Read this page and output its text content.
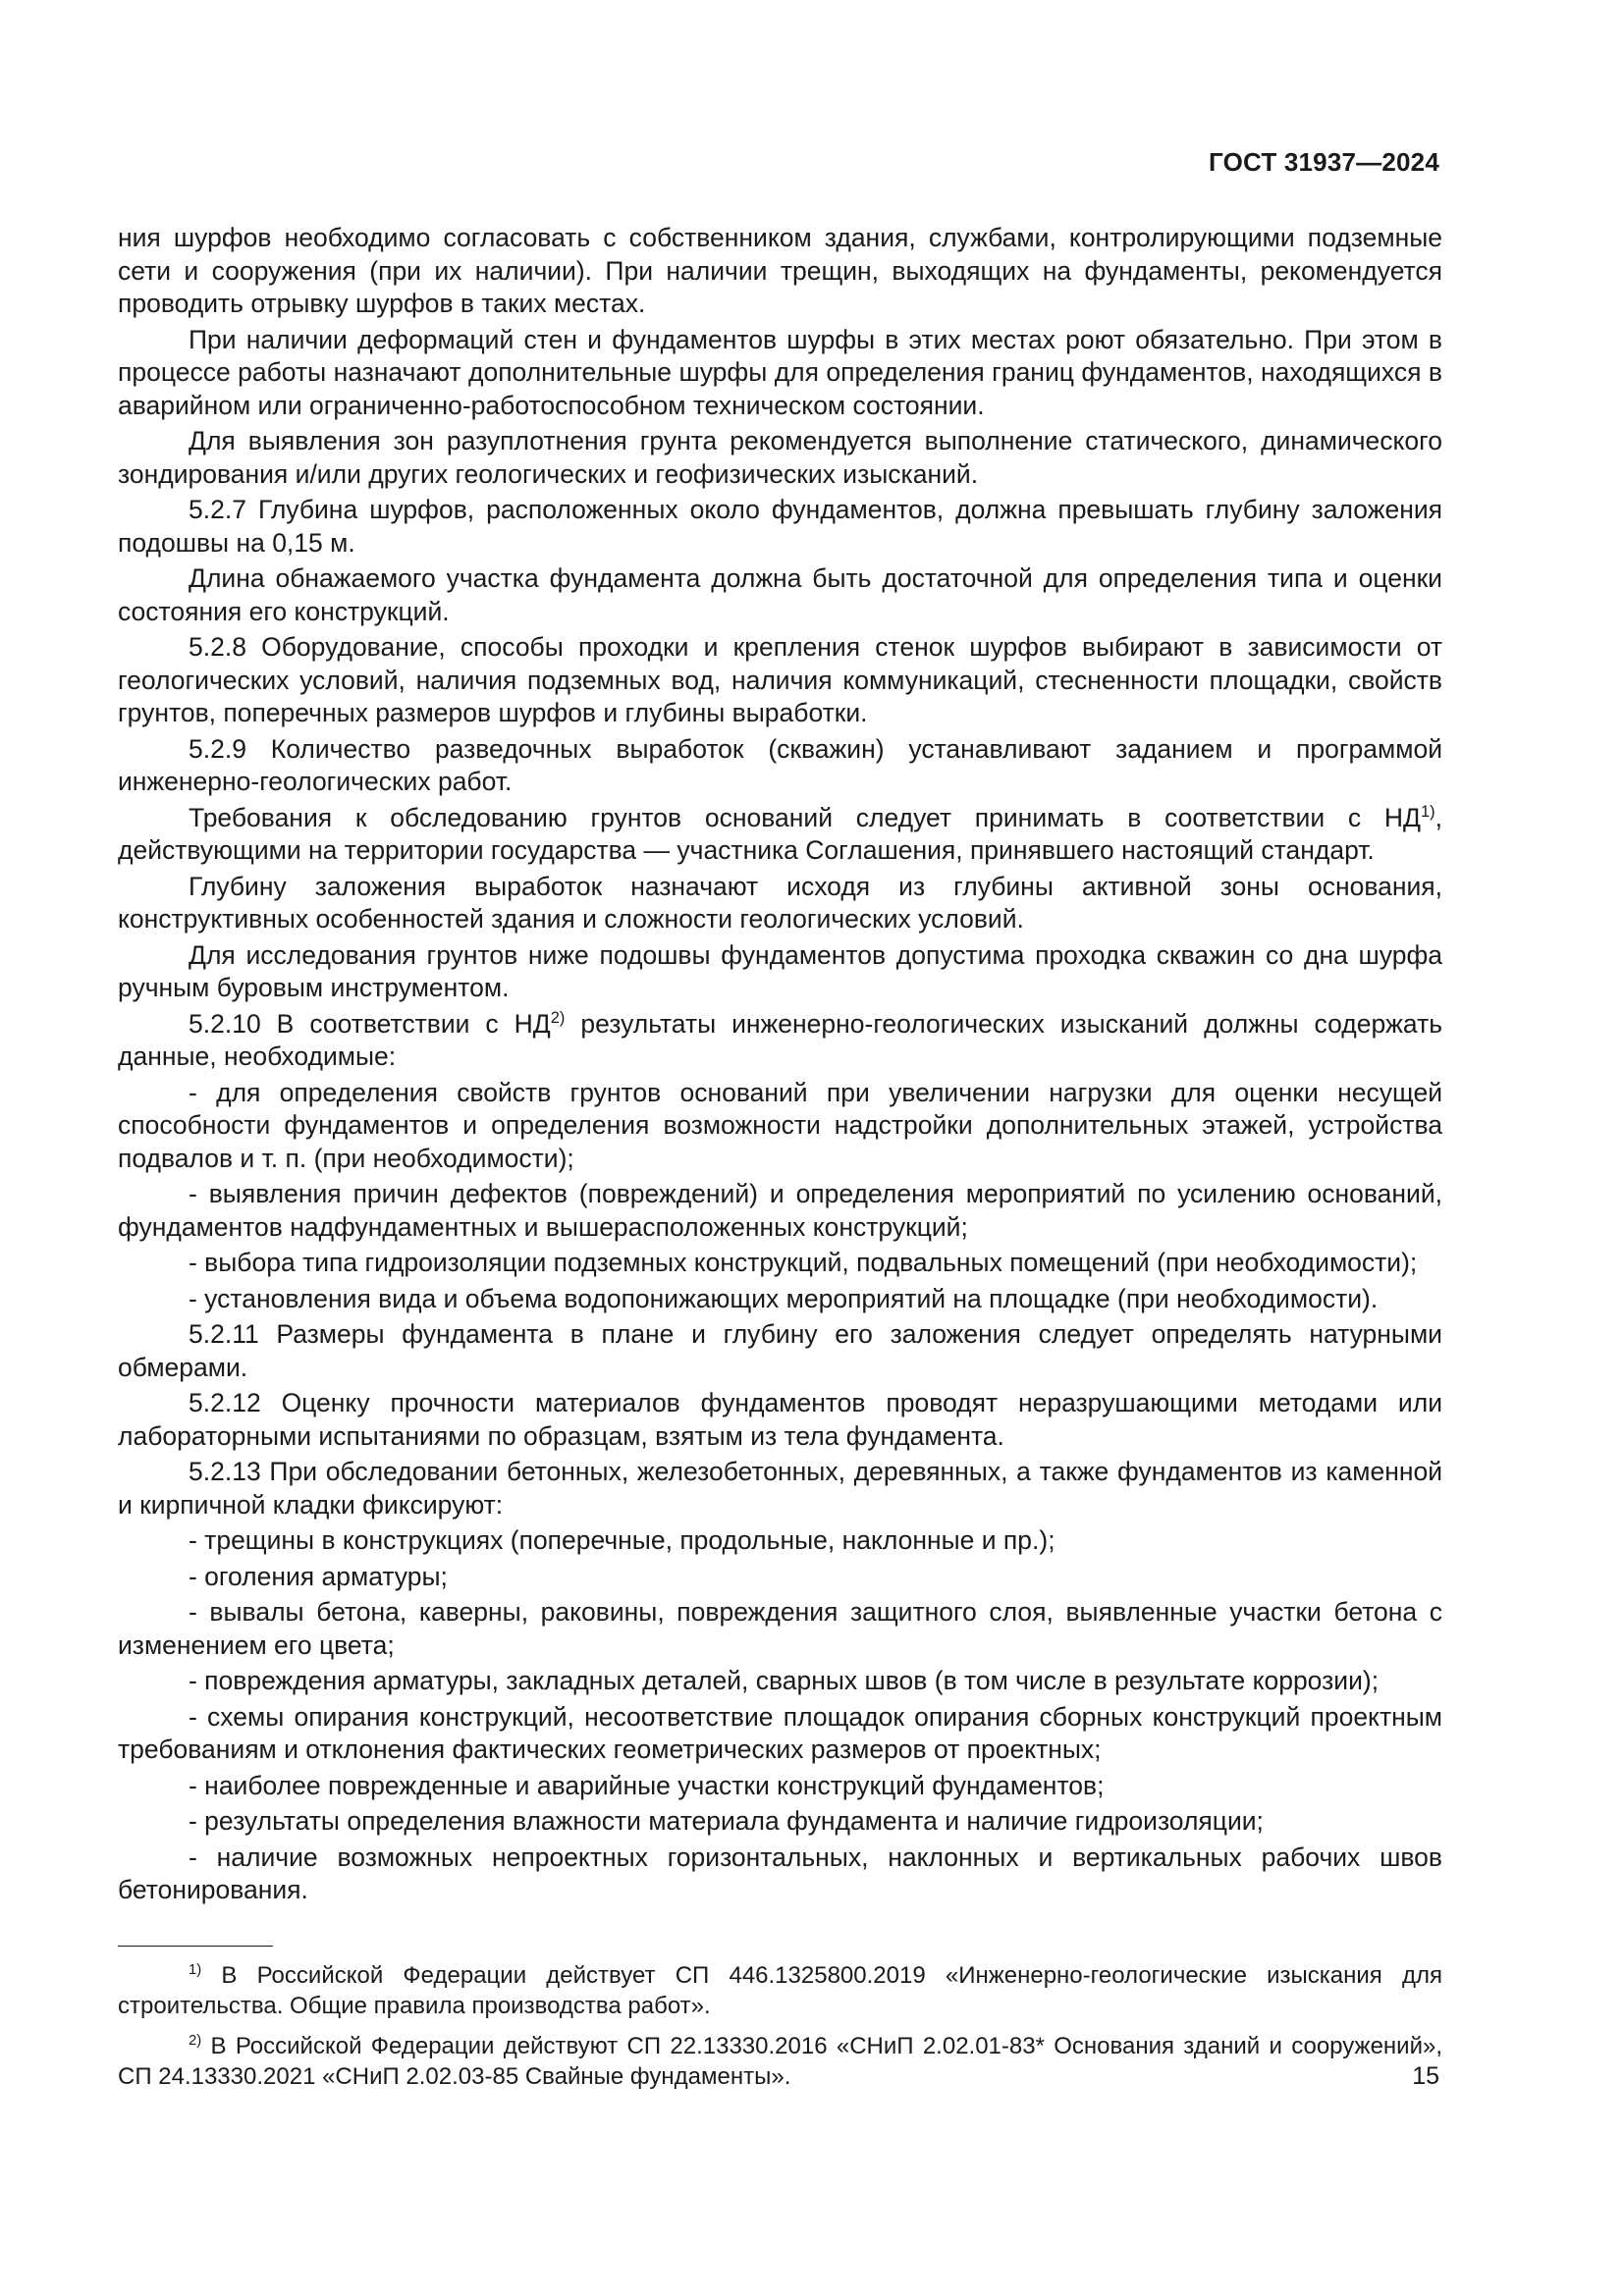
ГОСТ 31937—2024

ния шурфов необходимо согласовать с собственником здания, службами, контролирующими подземные сети и сооружения (при их наличии). При наличии трещин, выходящих на фундаменты, рекомендуется проводить отрывку шурфов в таких местах.

При наличии деформаций стен и фундаментов шурфы в этих местах роют обязательно. При этом в процессе работы назначают дополнительные шурфы для определения границ фундаментов, находящихся в аварийном или ограниченно-работоспособном техническом состоянии.

Для выявления зон разуплотнения грунта рекомендуется выполнение статического, динамического зондирования и/или других геологических и геофизических изысканий.

5.2.7 Глубина шурфов, расположенных около фундаментов, должна превышать глубину заложения подошвы на 0,15 м.

Длина обнажаемого участка фундамента должна быть достаточной для определения типа и оценки состояния его конструкций.

5.2.8 Оборудование, способы проходки и крепления стенок шурфов выбирают в зависимости от геологических условий, наличия подземных вод, наличия коммуникаций, стесненности площадки, свойств грунтов, поперечных размеров шурфов и глубины выработки.

5.2.9 Количество разведочных выработок (скважин) устанавливают заданием и программой инженерно-геологических работ.

Требования к обследованию грунтов оснований следует принимать в соответствии с НД$^{1)}$, действующими на территории государства — участника Соглашения, принявшего настоящий стандарт.

Глубину заложения выработок назначают исходя из глубины активной зоны основания, конструктивных особенностей здания и сложности геологических условий.

Для исследования грунтов ниже подошвы фундаментов допустима проходка скважин со дна шурфа ручным буровым инструментом.

5.2.10 В соответствии с НД$^{2)}$ результаты инженерно-геологических изысканий должны содержать данные, необходимые:

- для определения свойств грунтов оснований при увеличении нагрузки для оценки несущей способности фундаментов и определения возможности надстройки дополнительных этажей, устройства подвалов и т. п. (при необходимости);

- выявления причин дефектов (повреждений) и определения мероприятий по усилению оснований, фундаментов надфундаментных и вышерасположенных конструкций;

- выбора типа гидроизоляции подземных конструкций, подвальных помещений (при необходимости);

- установления вида и объема водопонижающих мероприятий на площадке (при необходимости).

5.2.11 Размеры фундамента в плане и глубину его заложения следует определять натурными обмерами.

5.2.12 Оценку прочности материалов фундаментов проводят неразрушающими методами или лабораторными испытаниями по образцам, взятым из тела фундамента.

5.2.13 При обследовании бетонных, железобетонных, деревянных, а также фундаментов из каменной и кирпичной кладки фиксируют:

- трещины в конструкциях (поперечные, продольные, наклонные и пр.);

- оголения арматуры;

- вывалы бетона, каверны, раковины, повреждения защитного слоя, выявленные участки бетона с изменением его цвета;

- повреждения арматуры, закладных деталей, сварных швов (в том числе в результате коррозии);

- схемы опирания конструкций, несоответствие площадок опирания сборных конструкций проектным требованиям и отклонения фактических геометрических размеров от проектных;

- наиболее поврежденные и аварийные участки конструкций фундаментов;

- результаты определения влажности материала фундамента и наличие гидроизоляции;

- наличие возможных непроектных горизонтальных, наклонных и вертикальных рабочих швов бетонирования.

$^{1)}$ В Российской Федерации действует СП 446.1325800.2019 «Инженерно-геологические изыскания для строительства. Общие правила производства работ».

$^{2)}$ В Российской Федерации действуют СП 22.13330.2016 «СНиП 2.02.01-83* Основания зданий и сооружений», СП 24.13330.2021 «СНиП 2.02.03-85 Свайные фундаменты».	15
